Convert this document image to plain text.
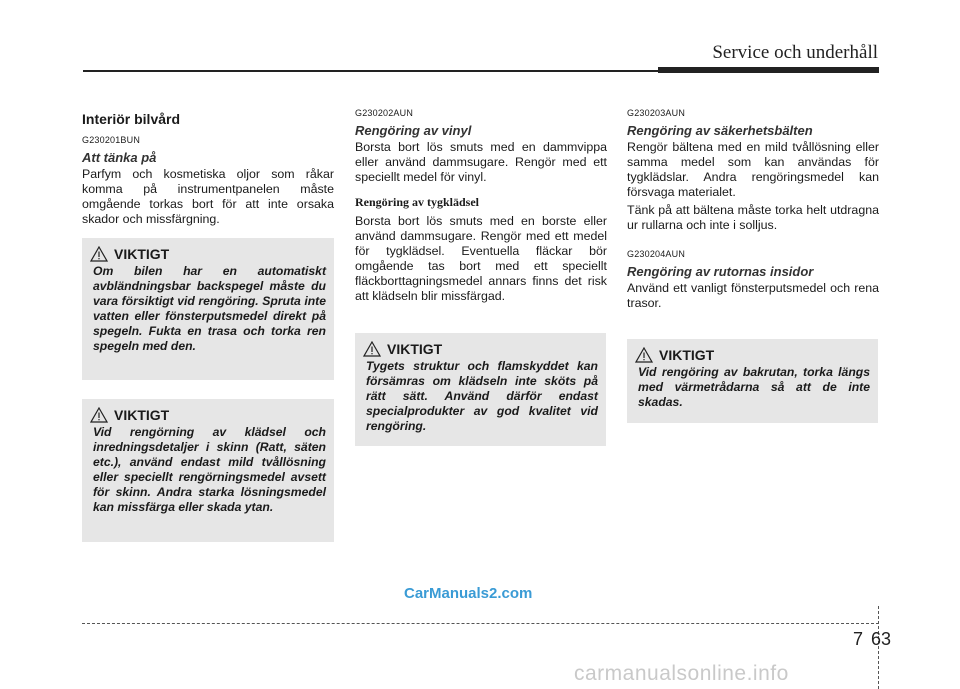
Service och underhåll
Interiör bilvård
G230201BUN
Att tänka på
Parfym och kosmetiska oljor som råkar komma på instrumentpanelen måste omgående torkas bort för att inte orsaka skador och missfärgning.
G230202AUN
Rengöring av vinyl
Borsta bort lös smuts med en dammvippa eller använd dammsugare. Rengör med ett speciellt medel för vinyl.
Rengöring av tygklädsel
Borsta bort lös smuts med en borste eller använd dammsugare. Rengör med ett medel för tygklädsel. Eventuella fläckar bör omgående tas bort med ett speciellt fläckborttagningsmedel annars finns det risk att klädseln blir missfärgad.
G230203AUN
Rengöring av säkerhetsbälten
Rengör bältena med en mild tvållösning eller samma medel som kan användas för tygklädslar. Andra rengöringsmedel kan försvaga materialet.
Tänk på att bältena måste torka helt utdragna ur rullarna och inte i solljus.
G230204AUN
Rengöring av rutornas insidor
Använd ett vanligt fönsterputsmedel och rena trasor.
VIKTIGT
Om bilen har en automatiskt avbländningsbar backspegel måste du vara försiktigt vid rengöring. Spruta inte vatten eller fönsterputsmedel direkt på spegeln. Fukta en trasa och torka ren spegeln med den.
VIKTIGT
Vid rengörning av klädsel och inredningsdetaljer i skinn (Ratt, säten etc.), använd endast mild tvållösning eller speciellt rengörningsmedel avsett för skinn. Andra starka lösningsmedel kan missfärga eller skada ytan.
VIKTIGT
Tygets struktur och flamskyddet kan försämras om klädseln inte sköts på rätt sätt. Använd därför endast specialprodukter av god kvalitet vid rengöring.
VIKTIGT
Vid rengöring av bakrutan, torka längs med värmetrådarna så att de inte skadas.
CarManuals2.com
7 63
carmanualsonline.info
